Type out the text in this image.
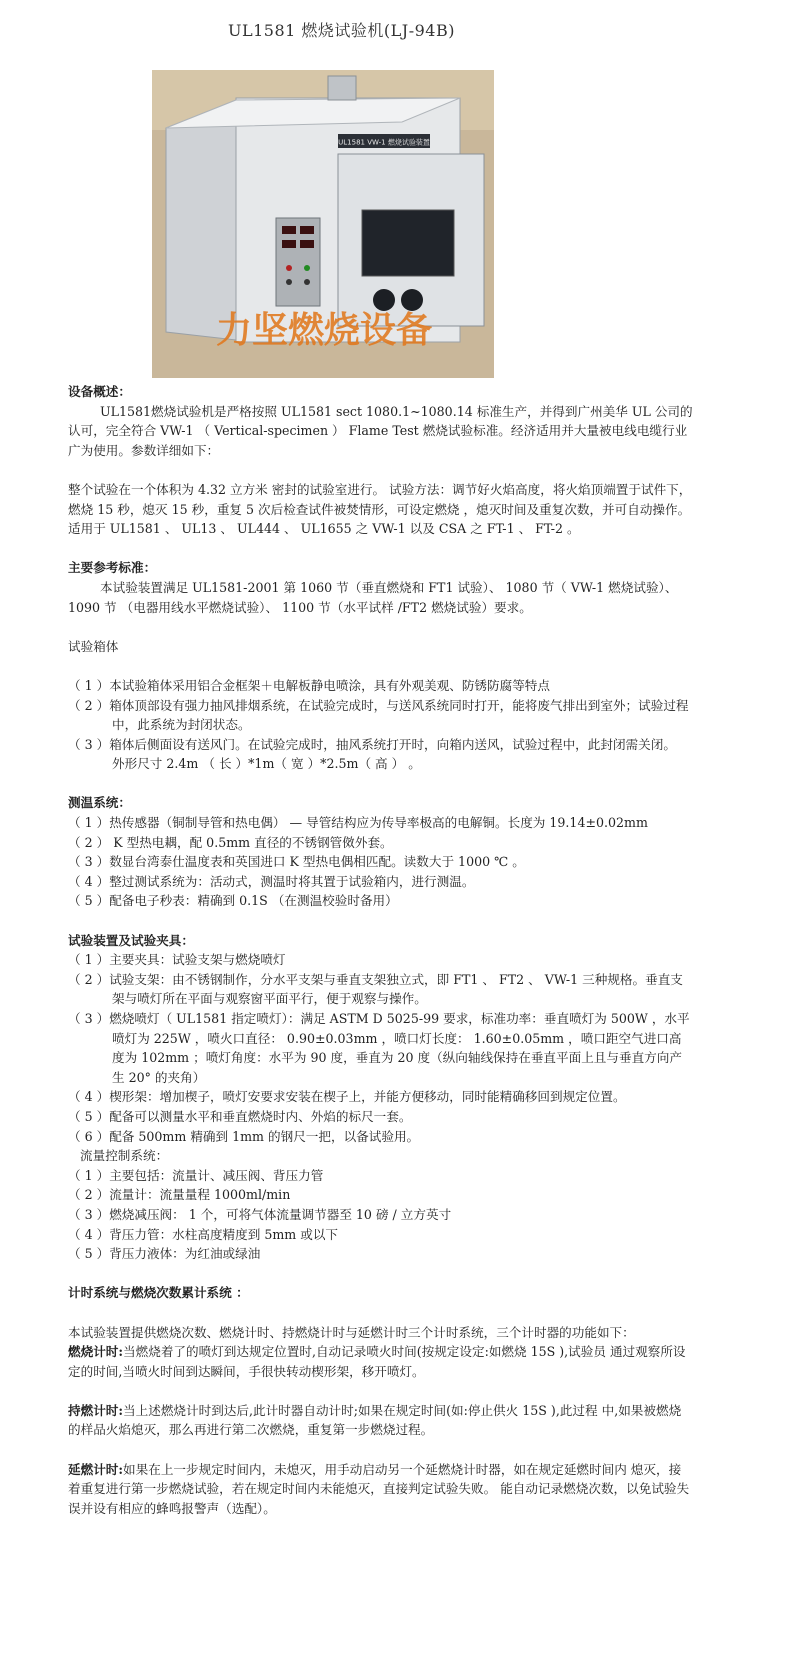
UL1581 燃烧试验机(LJ-94B)
UL1581 VW-1 燃烧试验装置
力坚燃烧设备

设备概述：

UL1581燃烧试验机是严格按照 UL1581 sect 1080.1~1080.14 标准生产，并得到广州美华 UL 公司的认可，完全符合 VW-1 （ Vertical-specimen ） Flame Test 燃烧试验标准。经济适用并大量被电线电缆行业广为使用。参数详细如下：

整个试验在一个体积为 4.32 立方米 密封的试验室进行。 试验方法：调节好火焰高度，将火焰顶端置于试件下，燃烧 15 秒，熄灭 15 秒，重复 5 次后检查试件被焚情形，可设定燃烧 ，熄灭时间及重复次数，并可自动操作。适用于 UL1581 、 UL13 、 UL444 、 UL1655 之 VW-1 以及 CSA 之 FT-1 、 FT-2 。

主要参考标准：

本试验装置满足 UL1581-2001 第 1060 节（垂直燃烧和 FT1 试验）、 1080 节（ VW-1 燃烧试验）、 1090 节 （电器用线水平燃烧试验）、 1100 节（水平试样 /FT2 燃烧试验）要求。

试验箱体

（ 1 ）本试验箱体采用铝合金框架＋电解板静电喷涂，具有外观美观、防锈防腐等特点

（ 2 ）箱体顶部设有强力抽风排烟系统，在试验完成时，与送风系统同时打开，能将废气排出到室外；试验过程中，此系统为封闭状态。

（ 3 ）箱体后侧面设有送风门。在试验完成时，抽风系统打开时，向箱内送风，试验过程中，此封闭需关闭。

外形尺寸 2.4m （ 长 ）*1m（ 宽 ）*2.5m（ 高 ） 。

测温系统：

（ 1 ）热传感器（铜制导管和热电偶） — 导管结构应为传导率极高的电解铜。长度为 19.14±0.02mm

（ 2 ） K 型热电耦，配 0.5mm 直径的不锈钢管傚外套。

（ 3 ）数显台湾泰仕温度表和英国进口 K 型热电偶相匹配。读数大于 1000 ℃ 。

（ 4 ）整过测试系统为：活动式，测温时将其置于试验箱内，进行测温。

（ 5 ）配备电子秒表：精确到 0.1S （在测温校验时备用）

试验装置及试验夹具：

（ 1 ）主要夹具：试验支架与燃烧喷灯

（ 2 ）试验支架：由不锈钢制作，分水平支架与垂直支架独立式，即 FT1 、 FT2 、 VW-1 三种规格。垂直支架与喷灯所在平面与观察窗平面平行，便于观察与操作。

（ 3 ）燃烧喷灯（ UL1581 指定喷灯）：满足 ASTM D 5025-99 要求，标准功率：垂直喷灯为 500W ，水平喷灯为 225W ，喷火口直径： 0.90±0.03mm ，喷口灯长度： 1.60±0.05mm ，喷口距空气进口高度为 102mm ；喷灯角度：水平为 90 度，垂直为 20 度（纵向轴线保持在垂直平面上且与垂直方向产生 20° 的夹角）

（ 4 ）楔形架：增加楔子，喷灯安要求安装在楔子上，并能方便移动，同时能精确移回到规定位置。

（ 5 ）配备可以测量水平和垂直燃烧时内、外焰的标尺一套。

（ 6 ）配备 500mm 精确到 1mm 的钢尺一把，以备试验用。

流量控制系统：

（ 1 ）主要包括：流量计、减压阀、背压力管

（ 2 ）流量计：流量量程 1000ml/min

（ 3 ）燃烧减压阀： 1 个，可将气体流量调节器至 10 磅 / 立方英寸

（ 4 ）背压力管：水柱高度精度到 5mm 或以下

（ 5 ）背压力液体：为红油或绿油

计时系统与燃烧次数累计系统 ：

本试验装置提供燃烧次数、燃烧计时、持燃烧计时与延燃计时三个计时系统，三个计时器的功能如下：

燃烧计时:当燃烧着了的喷灯到达规定位置时,自动记录喷火时间(按规定设定:如燃烧 15S ),试验员 通过观察所设定的时间,当喷火时间到达瞬间，手很快转动楔形架，移开喷灯。

持燃计时:当上述燃烧计时到达后,此计时器自动计时;如果在规定时间(如:停止供火 15S ),此过程 中,如果被燃烧的样品火焰熄灭，那么再进行第二次燃烧，重复第一步燃烧过程。

延燃计时:如果在上一步规定时间内，未熄灭，用手动启动另一个延燃烧计时器，如在规定延燃时间内 熄灭，接着重复进行第一步燃烧试验，若在规定时间内未能熄灭，直接判定试验失败。 能自动记录燃烧次数，以免试验失误并设有相应的蜂鸣报警声（选配）。
